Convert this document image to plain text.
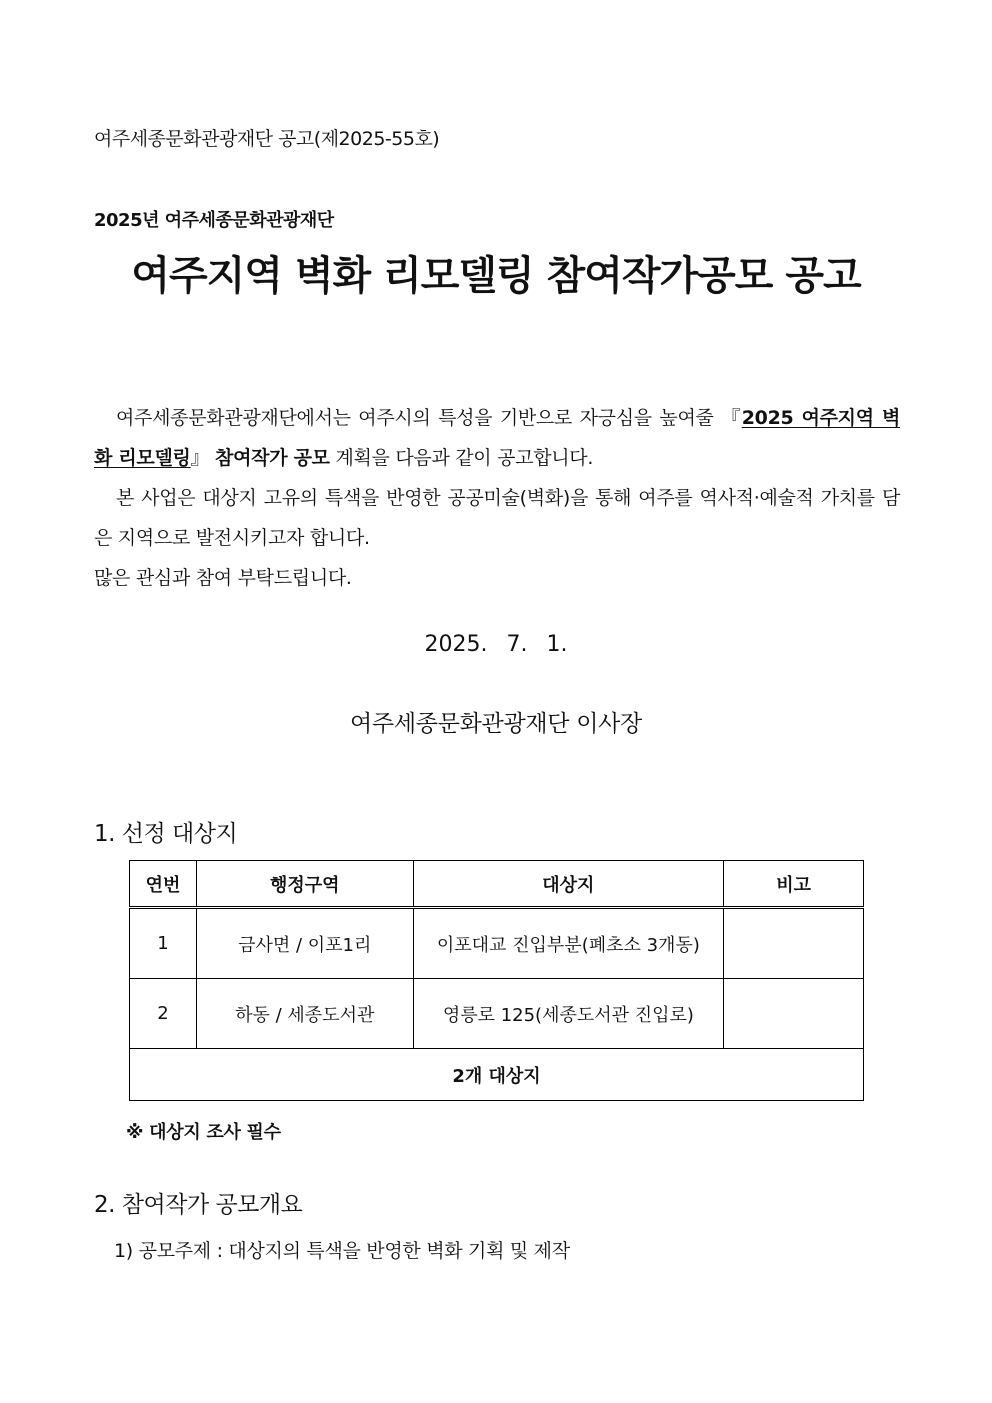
여주세종문화관광재단 공고(제2025-55호)
2025년 여주세종문화관광재단
여주지역 벽화 리모델링 참여작가공모 공고

여주세종문화관광재단에서는 여주시의 특성을 기반으로 자긍심을 높여줄 『2025 여주지역 벽화 리모델링』 참여작가 공모 계획을 다음과 같이 공고합니다.

본 사업은 대상지 고유의 특색을 반영한 공공미술(벽화)을 통해 여주를 역사적·예술적 가치를 담은 지역으로 발전시키고자 합니다.

많은 관심과 참여 부탁드립니다.

2025. 7. 1.
여주세종문화관광재단 이사장
1. 선정 대상지
연번	행정구역	대상지	비고
1	금사면 / 이포1리	이포대교 진입부분(폐초소 3개동)	
2	하동 / 세종도서관	영릉로 125(세종도서관 진입로)	
2개 대상지			
※ 대상지 조사 필수
2. 참여작가 공모개요
1) 공모주제 : 대상지의 특색을 반영한 벽화 기획 및 제작
